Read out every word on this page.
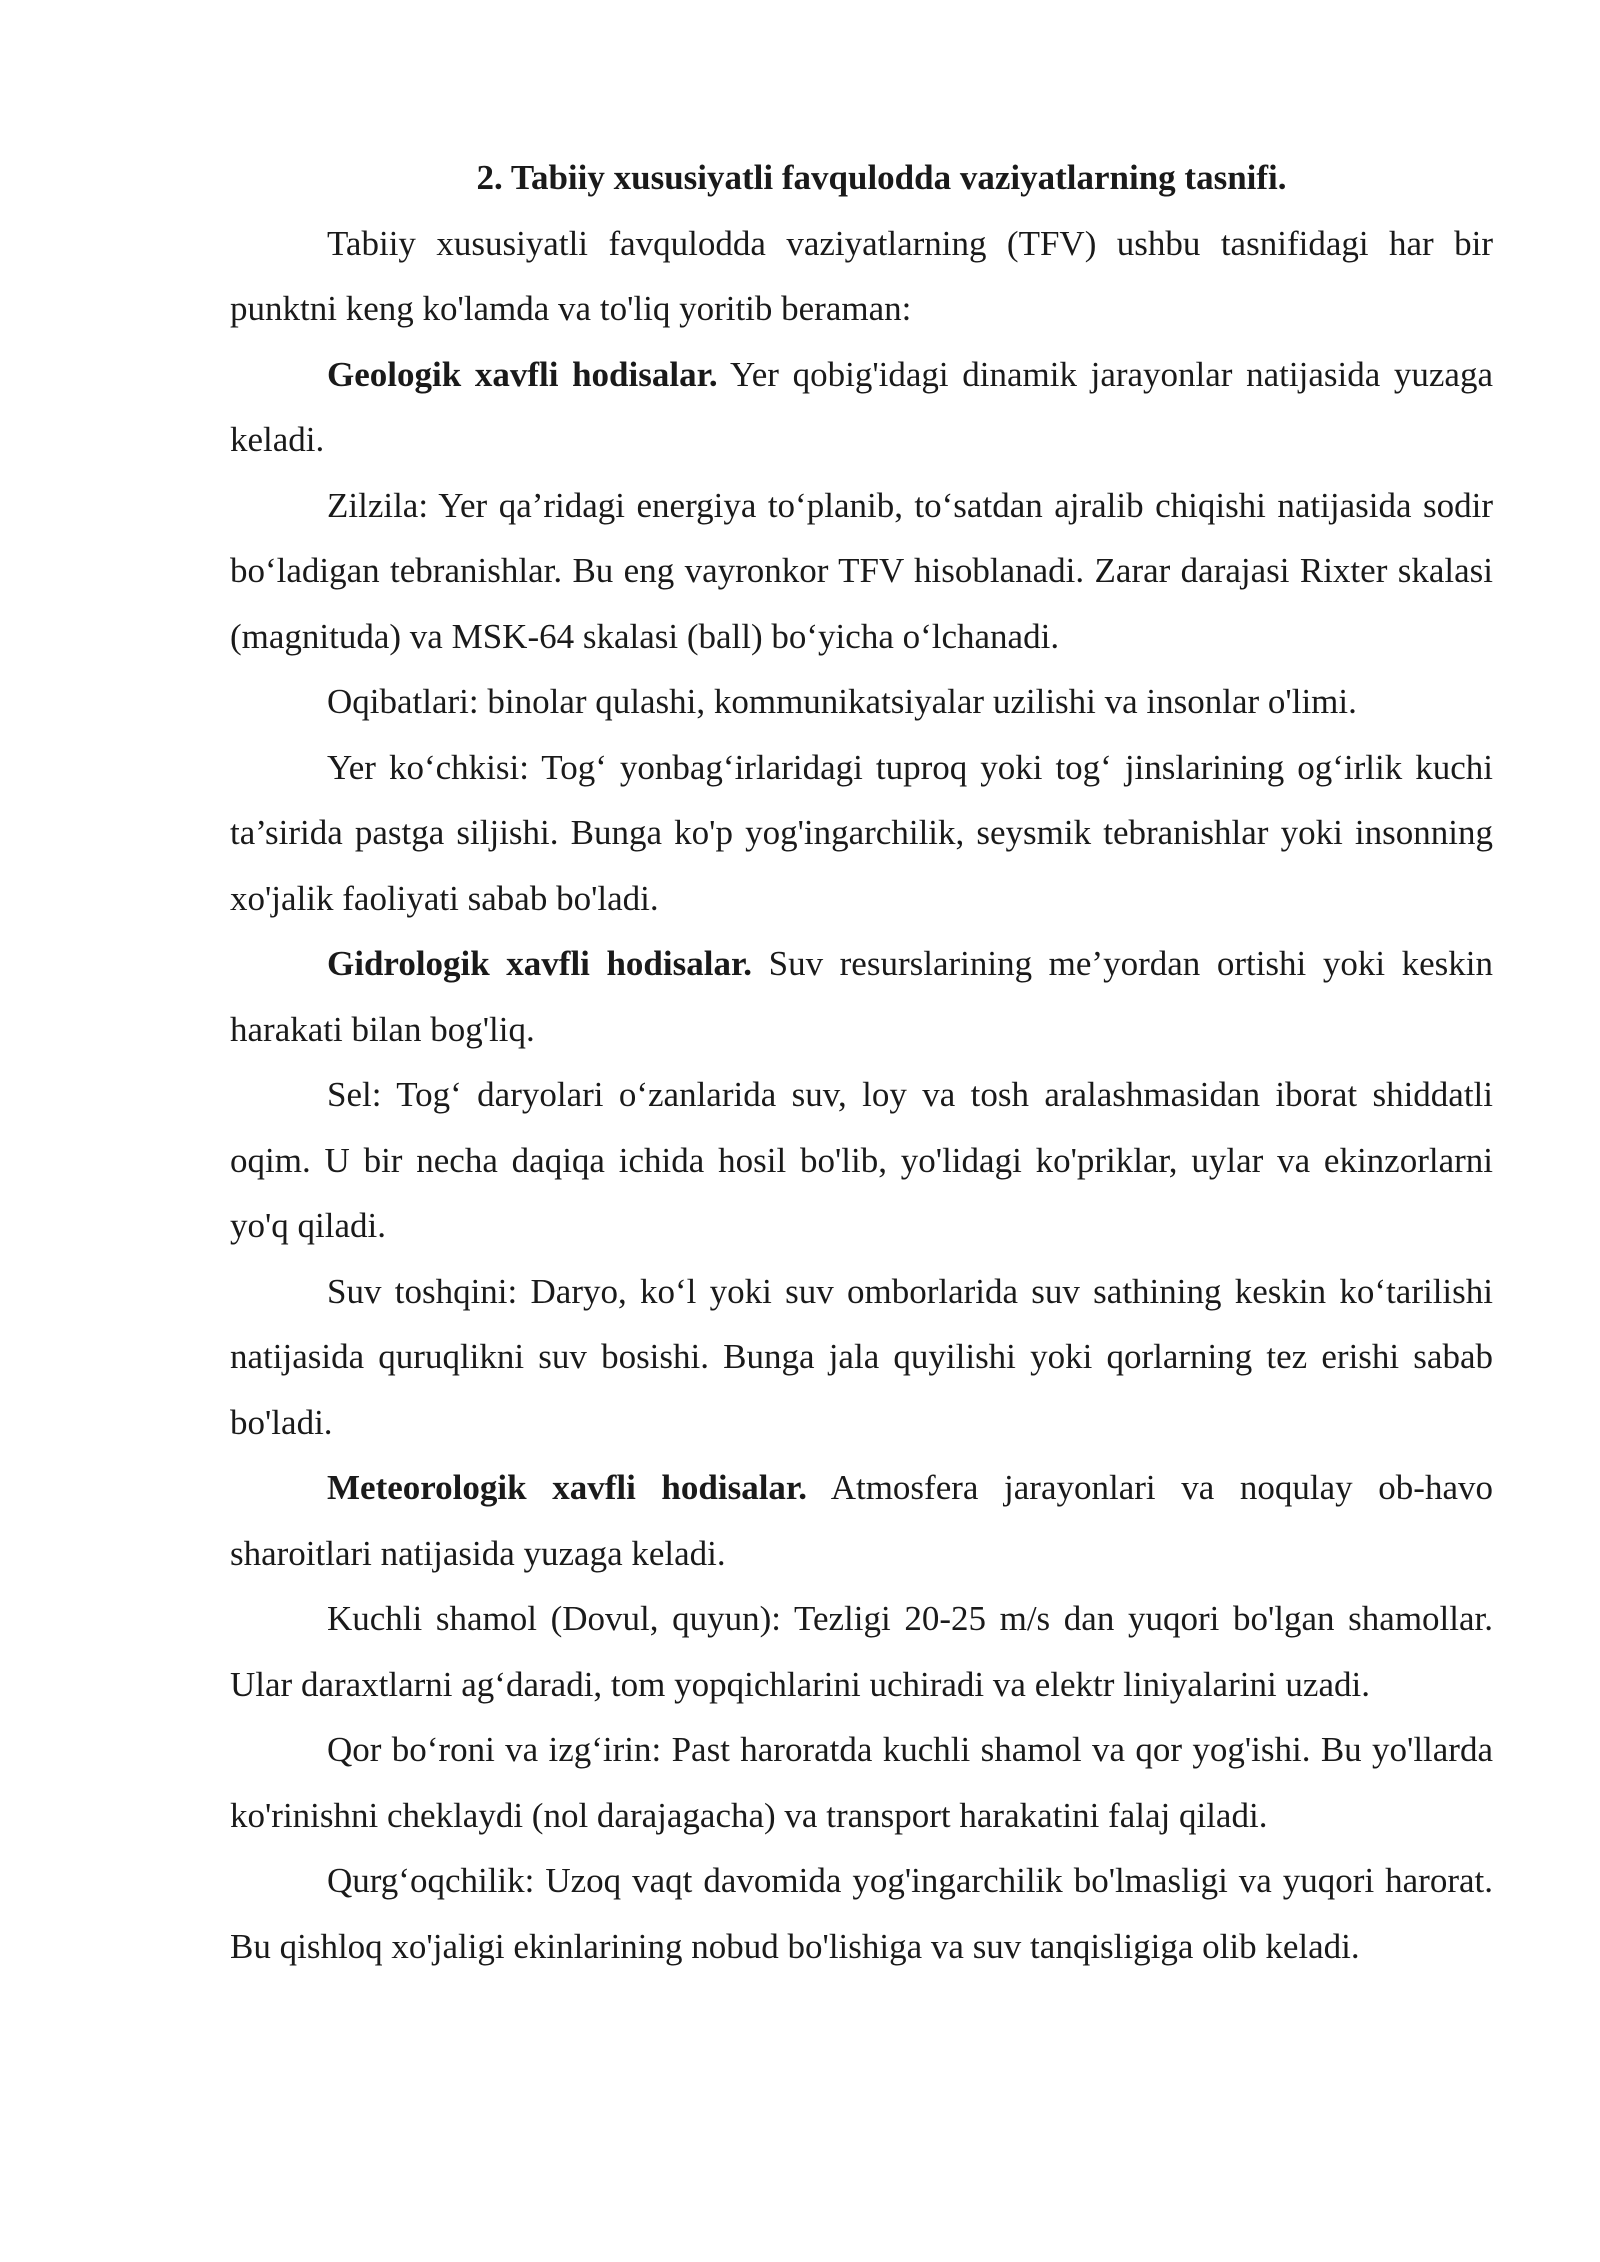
2. Tabiiy xususiyatli favqulodda vaziyatlarning tasnifi.

Tabiiy xususiyatli favqulodda vaziyatlarning (TFV) ushbu tasnifidagi har bir punktni keng ko'lamda va to'liq yoritib beraman:

Geologik xavfli hodisalar. Yer qobig'idagi dinamik jarayonlar natijasida yuzaga keladi.

Zilzila: Yer qa’ridagi energiya to‘planib, to‘satdan ajralib chiqishi natijasida sodir bo‘ladigan tebranishlar. Bu eng vayronkor TFV hisoblanadi. Zarar darajasi Rixter skalasi (magnituda) va MSK-64 skalasi (ball) bo‘yicha o‘lchanadi.

Oqibatlari: binolar qulashi, kommunikatsiyalar uzilishi va insonlar o'limi.

Yer ko‘chkisi: Tog‘ yonbag‘irlaridagi tuproq yoki tog‘ jinslarining og‘irlik kuchi ta’sirida pastga siljishi. Bunga ko'p yog'ingarchilik, seysmik tebranishlar yoki insonning xo'jalik faoliyati sabab bo'ladi.

Gidrologik xavfli hodisalar. Suv resurslarining me’yordan ortishi yoki keskin harakati bilan bog'liq.

Sel: Tog‘ daryolari o‘zanlarida suv, loy va tosh aralashmasidan iborat shiddatli oqim. U bir necha daqiqa ichida hosil bo'lib, yo'lidagi ko'priklar, uylar va ekinzorlarni yo'q qiladi.

Suv toshqini: Daryo, ko‘l yoki suv omborlarida suv sathining keskin ko‘tarilishi natijasida quruqlikni suv bosishi. Bunga jala quyilishi yoki qorlarning tez erishi sabab bo'ladi.

Meteorologik xavfli hodisalar. Atmosfera jarayonlari va noqulay ob-havo sharoitlari natijasida yuzaga keladi.

Kuchli shamol (Dovul, quyun): Tezligi 20-25 m/s dan yuqori bo'lgan shamollar. Ular daraxtlarni ag‘daradi, tom yopqichlarini uchiradi va elektr liniyalarini uzadi.

Qor bo‘roni va izg‘irin: Past haroratda kuchli shamol va qor yog'ishi. Bu yo'llarda ko'rinishni cheklaydi (nol darajagacha) va transport harakatini falaj qiladi.

Qurg‘oqchilik: Uzoq vaqt davomida yog'ingarchilik bo'lmasligi va yuqori harorat. Bu qishloq xo'jaligi ekinlarining nobud bo'lishiga va suv tanqisligiga olib keladi.
